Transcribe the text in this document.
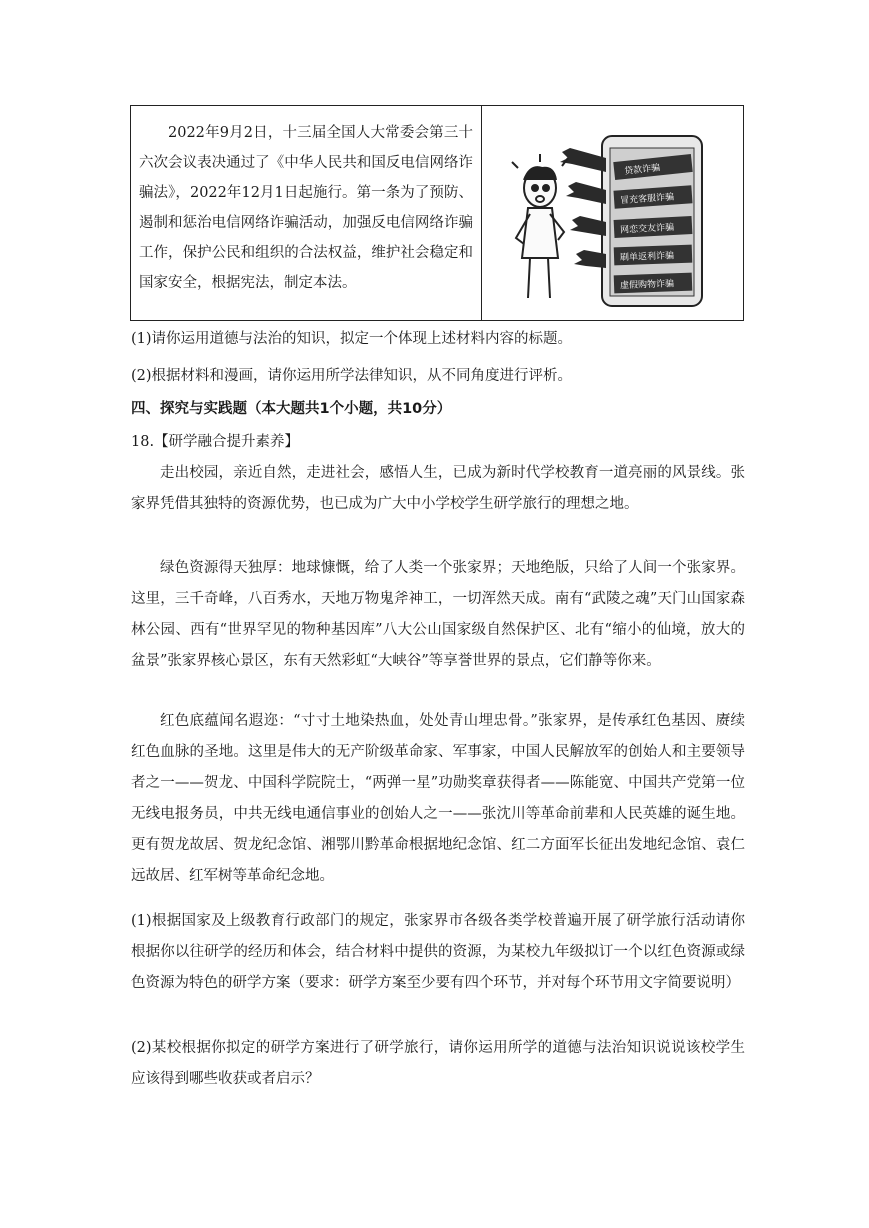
2022年9月2日，十三届全国人大常委会第三十六次会议表决通过了《中华人民共和国反电信网络诈骗法》，2022年12月1日起施行。第一条为了预防、遏制和惩治电信网络诈骗活动，加强反电信网络诈骗工作，保护公民和组织的合法权益，维护社会稳定和国家安全，根据宪法，制定本法。
贷款诈骗
冒充客服诈骗
网恋交友诈骗
刷单返利诈骗
虚假购物诈骗
(1)请你运用道德与法治的知识，拟定一个体现上述材料内容的标题。
(2)根据材料和漫画，请你运用所学法律知识，从不同角度进行评析。
四、探究与实践题（本大题共1个小题，共10分）
18.【研学融合提升素养】
走出校园，亲近自然，走进社会，感悟人生，已成为新时代学校教育一道亮丽的风景线。张家界凭借其独特的资源优势，也已成为广大中小学校学生研学旅行的理想之地。
绿色资源得天独厚：地球慷慨，给了人类一个张家界；天地绝版，只给了人间一个张家界。这里，三千奇峰，八百秀水，天地万物鬼斧神工，一切浑然天成。南有“武陵之魂”天门山国家森林公园、西有“世界罕见的物种基因库”八大公山国家级自然保护区、北有“缩小的仙境，放大的盆景”张家界核心景区，东有天然彩虹“大峡谷”等享誉世界的景点，它们静等你来。
红色底蕴闻名遐迩：“寸寸土地染热血，处处青山埋忠骨。”张家界，是传承红色基因、赓续红色血脉的圣地。这里是伟大的无产阶级革命家、军事家，中国人民解放军的创始人和主要领导者之一——贺龙、中国科学院院士，“两弹一星”功勋奖章获得者——陈能宽、中国共产党第一位无线电报务员，中共无线电通信事业的创始人之一——张沈川等革命前辈和人民英雄的诞生地。更有贺龙故居、贺龙纪念馆、湘鄂川黔革命根据地纪念馆、红二方面军长征出发地纪念馆、袁仁远故居、红军树等革命纪念地。
(1)根据国家及上级教育行政部门的规定，张家界市各级各类学校普遍开展了研学旅行活动请你根据你以往研学的经历和体会，结合材料中提供的资源，为某校九年级拟订一个以红色资源或绿色资源为特色的研学方案（要求：研学方案至少要有四个环节，并对每个环节用文字简要说明）
(2)某校根据你拟定的研学方案进行了研学旅行，请你运用所学的道德与法治知识说说该校学生应该得到哪些收获或者启示？
